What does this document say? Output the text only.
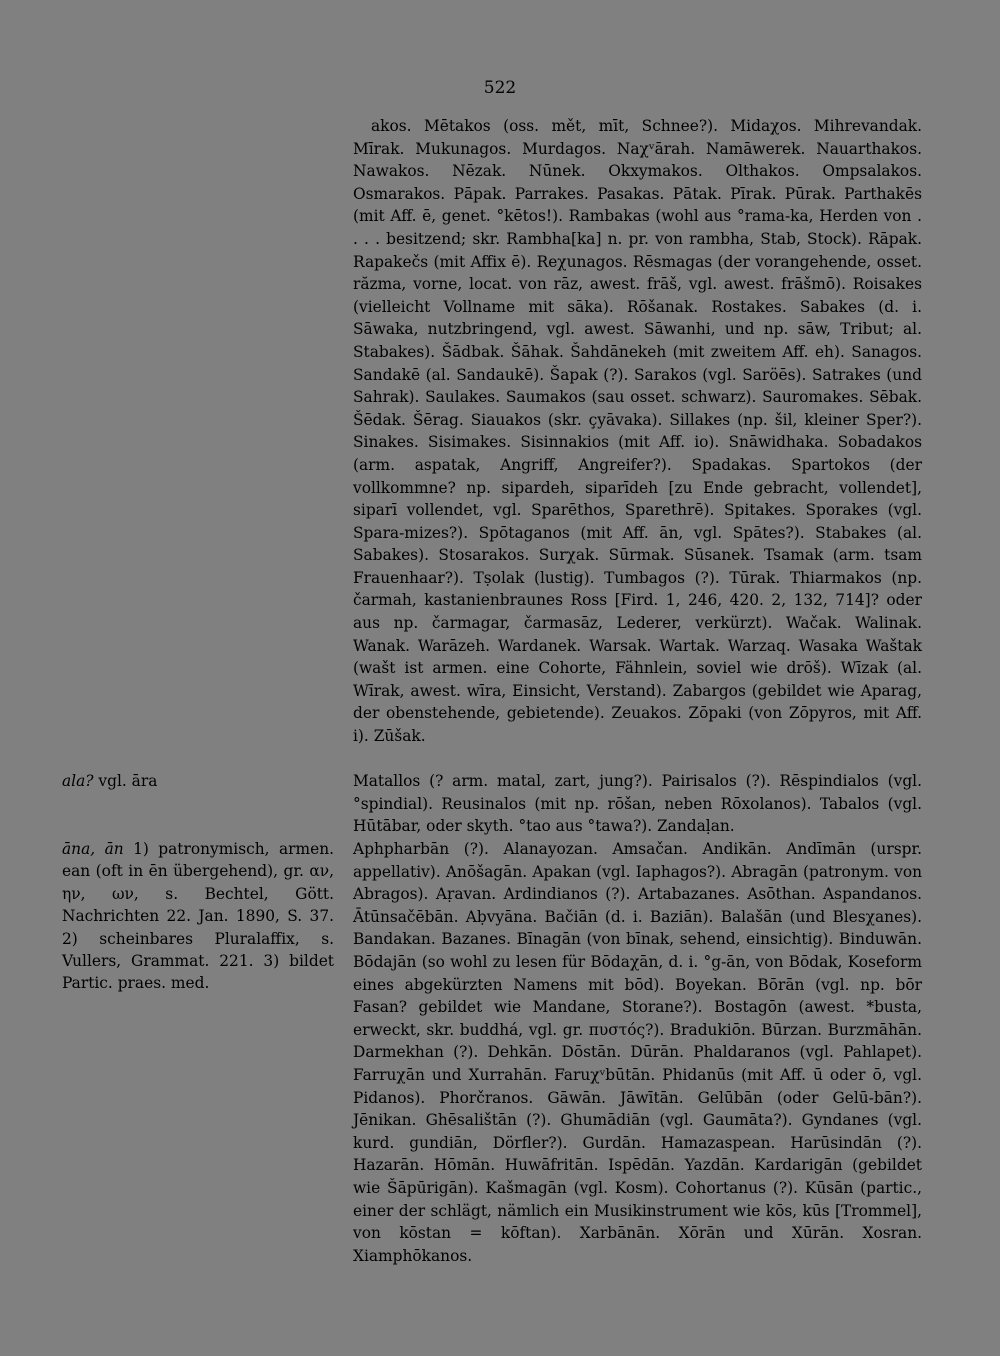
522
ala? vgl. āra
āna, ān 1) patronymisch, armen. ean (oft in ēn übergehend), gr. αν, ην, ων, s. Bechtel, Gött. Nachrichten 22. Jan. 1890, S. 37. 2) scheinbares Pluralaffix, s. Vullers, Grammat. 221. 3) bildet Partic. praes. med.

akos. Mētakos (oss. mět, mīt, Schnee?). Midaχos. Mihrevandak. Mīrak. Mukunagos. Murdagos. Naχᵛārah. Namāwerek. Nauarthakos. Nawakos. Nēzak. Nūnek. Okxymakos. Olthakos. Ompsalakos. Osmarakos. Pāpak. Parrakes. Pasakas. Pātak. Pīrak. Pūrak. Parthakēs (mit Aff. ē, genet. °kētos!). Rambakas (wohl aus °rama-ka, Herden von . . . . besitzend; skr. Rambha[ka] n. pr. von rambha, Stab, Stock). Rāpak. Rapakečs (mit Affix ē). Reχunagos. Rēsmagas (der vorangehende, osset. răzma, vorne, locat. von rāz, awest. frāš, vgl. awest. frāšmō). Roisakes (vielleicht Vollname mit sāka). Rōšanak. Rostakes. Sabakes (d. i. Sāwaka, nutzbringend, vgl. awest. Sāwanhi, und np. sāw, Tribut; al. Stabakes). Šādbak. Šāhak. Šahdānekeh (mit zweitem Aff. eh). Sanagos. Sandakē (al. Sandaukē). Šapak (?). Sarakos (vgl. Saröēs). Satrakes (und Sahrak). Saulakes. Saumakos (sau osset. schwarz). Sauromakes. Sēbak. Šēdak. Šērag. Siauakos (skr. çyāvaka). Sillakes (np. šil, kleiner Sper?). Sinakes. Sisimakes. Sisinnakios (mit Aff. io). Snāwidhaka. Sobadakos (arm. aspatak, Angriff, Angreifer?). Spadakas. Spartokos (der vollkommne? np. sipardeh, siparīdeh [zu Ende gebracht, vollendet], siparī vollendet, vgl. Sparēthos, Sparethrē). Spitakes. Sporakes (vgl. Spara-mizes?). Spōtaganos (mit Aff. ān, vgl. Spātes?). Stabakes (al. Sabakes). Stosarakos. Surχak. Sūrmak. Sūsanek. Tsamak (arm. tsam Frauenhaar?). Tṣolak (lustig). Tumbagos (?). Tūrak. Thiarmakos (np. čarmah, kastanienbraunes Ross [Fird. 1, 246, 420. 2, 132, 714]? oder aus np. čarmagar, čarmasāz, Lederer, verkürzt). Wačak. Walinak. Wanak. Warāzeh. Wardanek. Warsak. Wartak. Warzaq. Wasaka Waštak (wašt ist armen. eine Cohorte, Fähnlein, soviel wie drōš). Wīzak (al. Wīrak, awest. wīra, Einsicht, Verstand). Zabargos (gebildet wie Aparag, der obenstehende, gebietende). Zeuakos. Zōpaki (von Zōpyros, mit Aff. i). Zūšak.

Matallos (? arm. matal, zart, jung?). Pairisalos (?). Rēspindialos (vgl. °spindial). Reusinalos (mit np. rōšan, neben Rōxolanos). Tabalos (vgl. Hūtābar, oder skyth. °tao aus °tawa?). Zandaḷan.

Aphpharbān (?). Alanayozan. Amsačan. Andikān. Andīmān (urspr. appellativ). Anōšagān. Apakan (vgl. Iaphagos?). Abragān (patronym. von Abragos). Aṛavan. Ardindianos (?). Artabazanes. Asōthan. Aspandanos. Ātūnsačēbān. Aḅvyāna. Bačiān (d. i. Baziān). Balašān (und Blesχanes). Bandakan. Bazanes. Bīnagān (von bīnak, sehend, einsichtig). Binduwān. Bōdajān (so wohl zu lesen für Bōdaχān, d. i. °g-ān, von Bōdak, Koseform eines abgekürzten Namens mit bōd). Boyekan. Bōrān (vgl. np. bōr Fasan? gebildet wie Mandane, Storane?). Bostagōn (awest. *busta, erweckt, skr. buddhá, vgl. gr. πυστός?). Bradukiōn. Būrzan. Burzmāhān. Darmekhan (?). Dehkān. Dōstān. Dūrān. Phaldaranos (vgl. Pahlapet). Farruχān und Xurrahān. Faruχᵛbūtān. Phidanūs (mit Aff. ū oder ō, vgl. Pidanos). Phorčranos. Gāwān. Jāwītān. Gelūbān (oder Gelū-bān?). Jēnikan. Ghēsalištān (?). Ghumādiān (vgl. Gaumāta?). Gyndanes (vgl. kurd. gundiān, Dörfler?). Gurdān. Hamazaspean. Harūsindān (?). Hazarān. Hōmān. Huwāfritān. Ispēdān. Yazdān. Kardarigān (gebildet wie Šāpūrigān). Kašmagān (vgl. Kosm). Cohortanus (?). Kūsān (partic., einer der schlägt, nämlich ein Musikinstrument wie kōs, kūs [Trommel], von kōstan = kōftan). Xarbānān. Xōrān und Xūrān. Xosran. Xiamphōkanos.
